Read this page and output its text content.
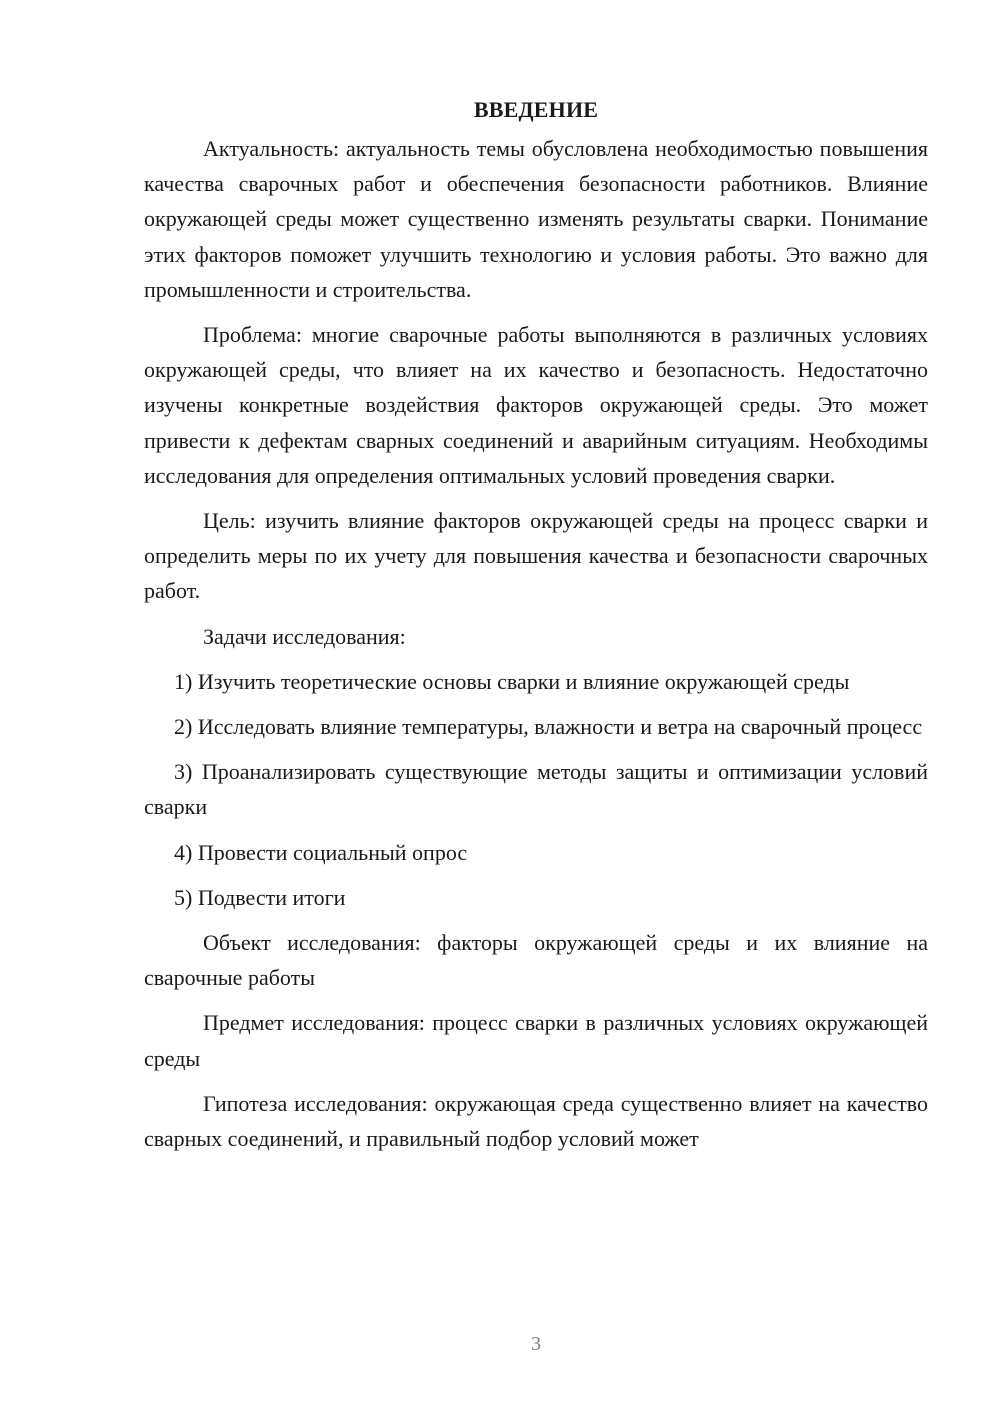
ВВЕДЕНИЕ

Актуальность: актуальность темы обусловлена необходимостью повышения качества сварочных работ и обеспечения безопасности работников. Влияние окружающей среды может существенно изменять результаты сварки. Понимание этих факторов поможет улучшить технологию и условия работы. Это важно для промышленности и строительства.

Проблема: многие сварочные работы выполняются в различных условиях окружающей среды, что влияет на их качество и безопасность. Недостаточно изучены конкретные воздействия факторов окружающей среды. Это может привести к дефектам сварных соединений и аварийным ситуациям. Необходимы исследования для определения оптимальных условий проведения сварки.

Цель: изучить влияние факторов окружающей среды на процесс сварки и определить меры по их учету для повышения качества и безопасности сварочных работ.

Задачи исследования:

1) Изучить теоретические основы сварки и влияние окружающей среды

2) Исследовать влияние температуры, влажности и ветра на сварочный процесс

3) Проанализировать существующие методы защиты и оптимизации условий сварки

4) Провести социальный опрос

5) Подвести итоги

Объект исследования: факторы окружающей среды и их влияние на сварочные работы

Предмет исследования: процесс сварки в различных условиях окружающей среды

Гипотеза исследования: окружающая среда существенно влияет на качество сварных соединений, и правильный подбор условий может

3
